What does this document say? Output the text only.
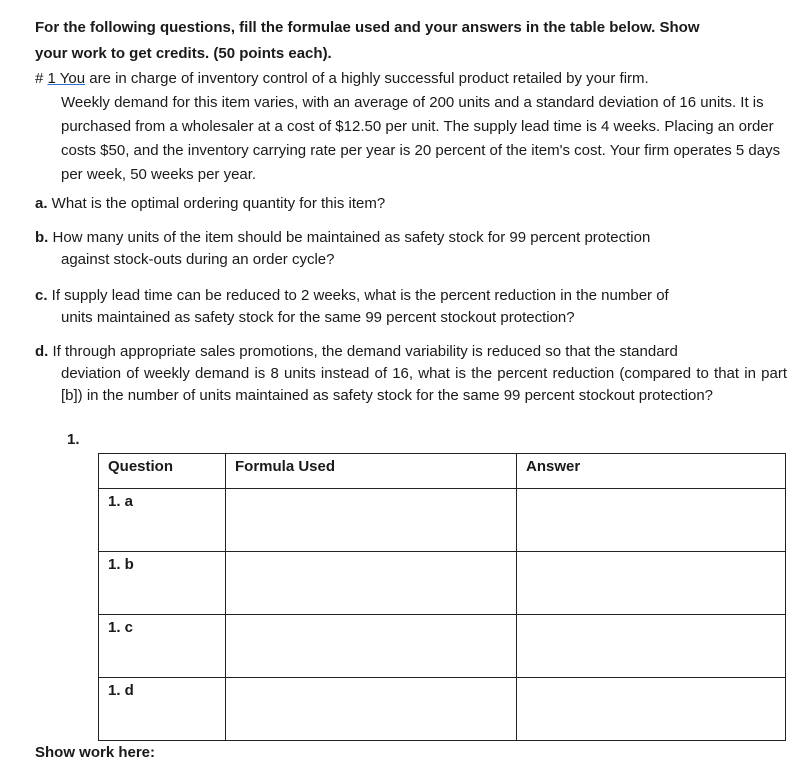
For the following questions, fill the formulae used and your answers in the table below. Show
your work to get credits. (50 points each).
# 1 You are in charge of inventory control of a highly successful product retailed by your firm.
Weekly demand for this item varies, with an average of 200 units and a standard deviation of 16 units. It is purchased from a wholesaler at a cost of $12.50 per unit. The supply lead time is 4 weeks. Placing an order costs $50, and the inventory carrying rate per year is 20 percent of the item's cost. Your firm operates 5 days per week, 50 weeks per year.
a. What is the optimal ordering quantity for this item?
b. How many units of the item should be maintained as safety stock for 99 percent protection
against stock-outs during an order cycle?
c. If supply lead time can be reduced to 2 weeks, what is the percent reduction in the number of
units maintained as safety stock for the same 99 percent stockout protection?
d. If through appropriate sales promotions, the demand variability is reduced so that the standard
deviation of weekly demand is 8 units instead of 16, what is the percent reduction (compared to that in part [b]) in the number of units maintained as safety stock for the same 99 percent stockout protection?
1.
Question	Formula Used	Answer
1. a		
1. b		
1. c		
1. d		
Show work here:
